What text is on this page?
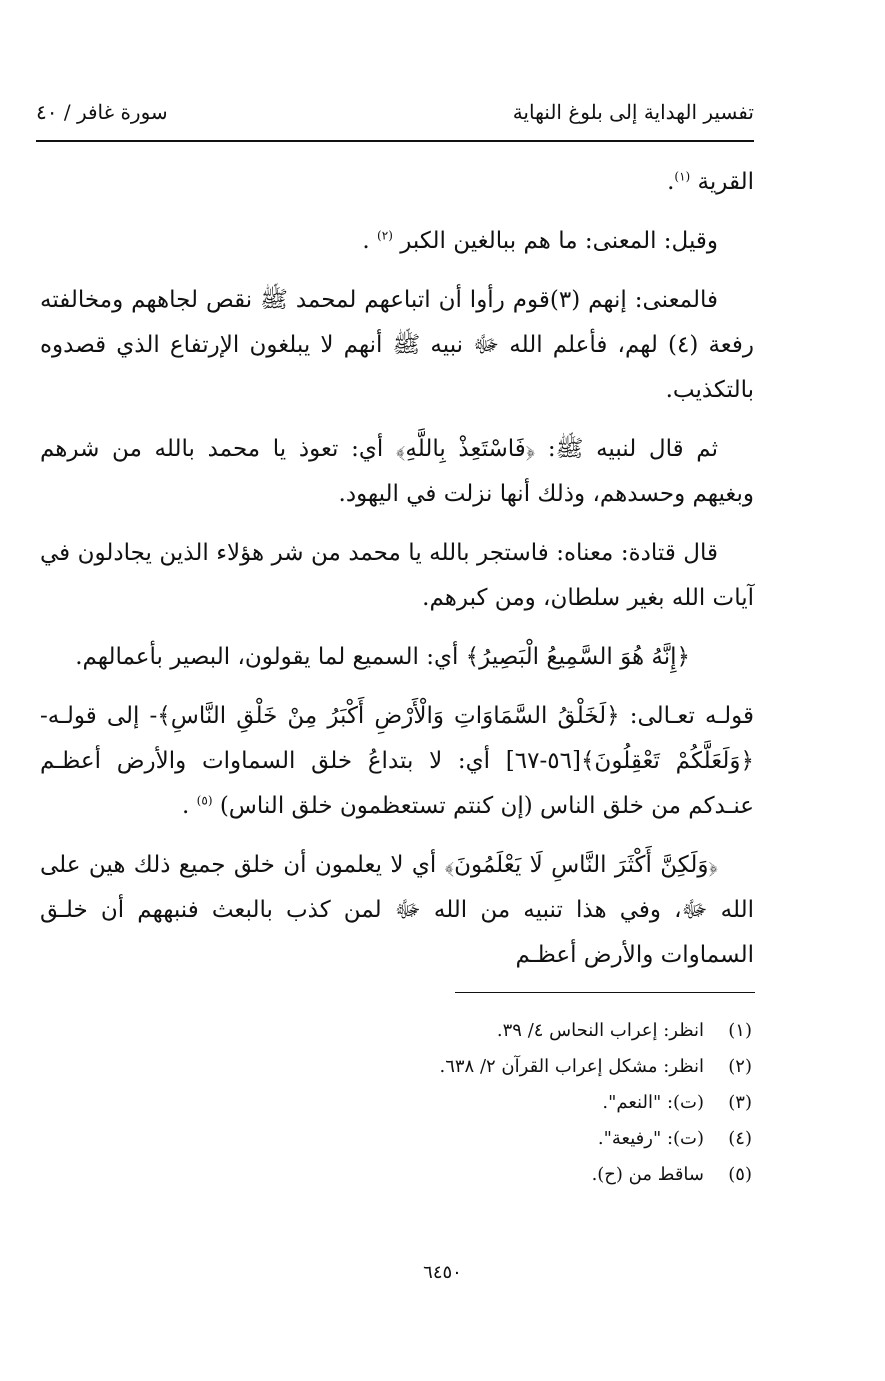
تفسير الهداية إلى بلوغ النهاية
سورة غافر / ٤٠

القرية $^{(١)}$.

وقيل: المعنى: ما هم ببالغين الكبر $^{(٢)}$ .

فالمعنى: إنهم (٣)قوم رأوا أن اتباعهم لمحمد ﷺ نقص لجاههم ومخالفته رفعة (٤) لهم، فأعلم الله ﷻ نبيه ﷺ أنهم لا يبلغون الإرتفاع الذي قصدوه بالتكذيب.

ثم قال لنبيه ﷺ: ﴿فَاسْتَعِذْ بِاللَّهِ﴾ أي: تعوذ يا محمد بالله من شرهم وبغيهم وحسدهم، وذلك أنها نزلت في اليهود.

قال قتادة: معناه: فاستجر بالله يا محمد من شر هؤلاء الذين يجادلون في آيات الله بغير سلطان، ومن كبرهم.

﴿إِنَّهُ هُوَ السَّمِيعُ الْبَصِيرُ﴾ أي: السميع لما يقولون، البصير بأعمالهم.

قولـه تعـالى: ﴿لَخَلْقُ السَّمَاوَاتِ وَالْأَرْضِ أَكْبَرُ مِنْ خَلْقِ النَّاسِ﴾- إلى قولـه- ﴿وَلَعَلَّكُمْ تَعْقِلُونَ﴾[٥٦-٦٧] أي: لا بتداعُ خلق السماوات والأرض أعظـم عنـدكم من خلق الناس (إن كنتم تستعظمون خلق الناس) $^{(٥)}$ .

﴿وَلَكِنَّ أَكْثَرَ النَّاسِ لَا يَعْلَمُونَ﴾ أي لا يعلمون أن خلق جميع ذلك هين على الله ﷻ، وفي هذا تنبيه من الله ﷻ لمن كذب بالبعث فنبههم أن خلـق السماوات والأرض أعظـم

(١)
انظر: إعراب النحاس ٤/ ٣٩.
(٢)
انظر: مشكل إعراب القرآن ٢/ ٦٣٨.
(٣)
(ت): "النعم".
(٤)
(ت): "رفيعة".
(٥)
ساقط من (ح).
٦٤٥٠
